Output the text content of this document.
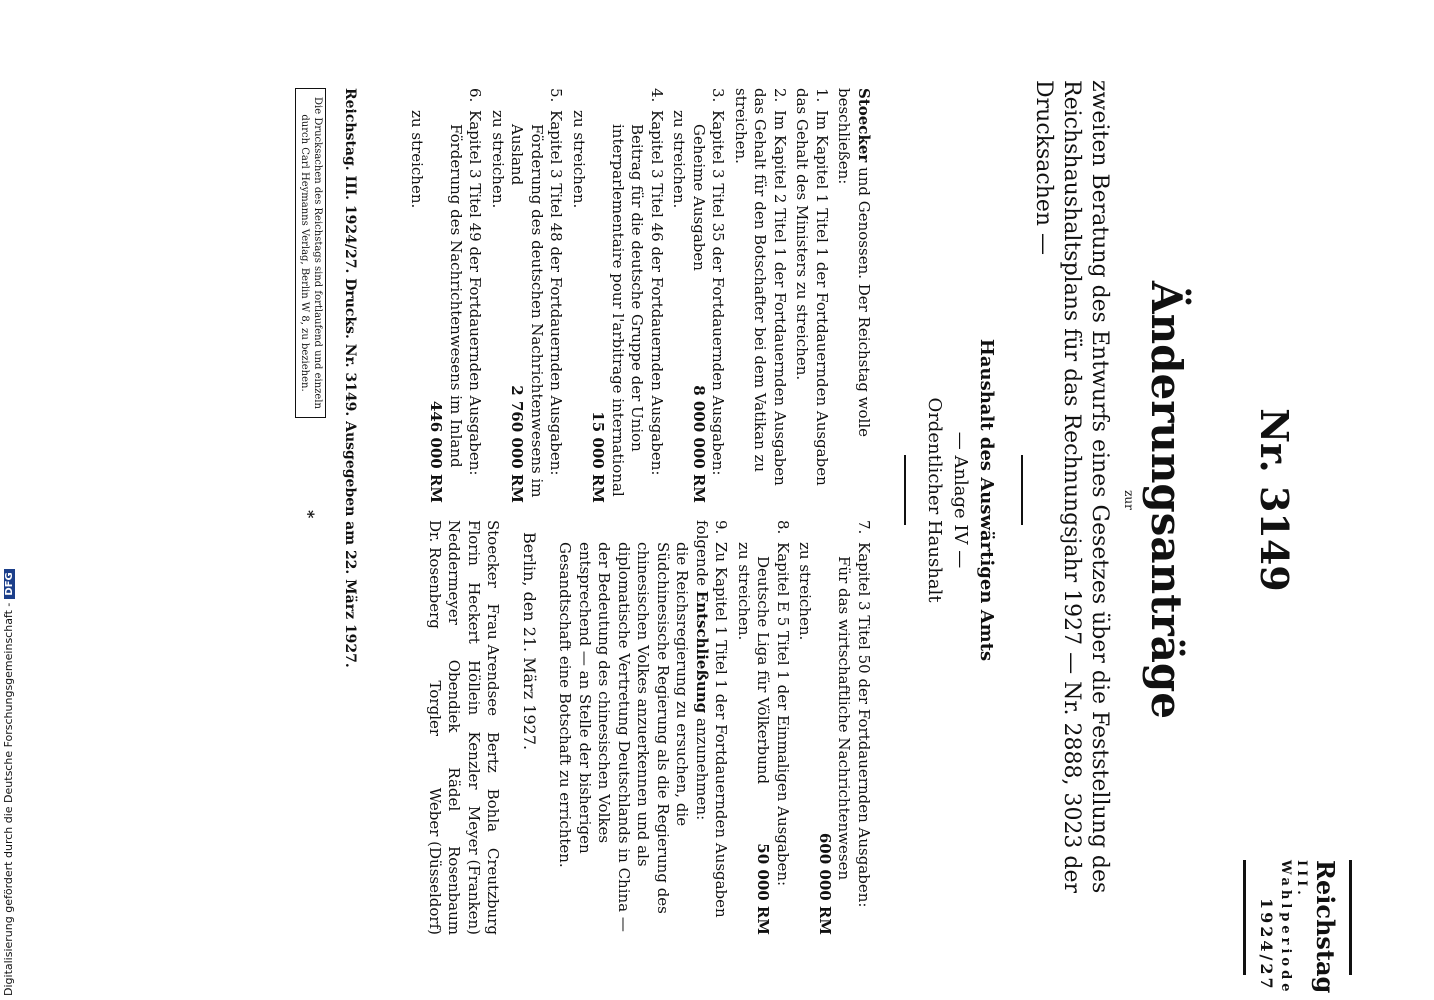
Reichstag
III. Wahlperiode
1924/27
Nr. 3149
Änderungsanträge
zur
zweiten Beratung des Entwurfs eines Gesetzes über die Feststellung des Reichshaushaltsplans für das Rechnungsjahr 1927 — Nr. 2888, 3023 der Drucksachen —
Haushalt des Auswärtigen Amts
— Anlage IV —
Ordentlicher Haushalt
Stoecker und Genossen. Der Reichstag wolle beschließen:
1.Im Kapitel 1 Titel 1 der Fortdauernden Ausgaben das Gehalt des Ministers zu streichen.
2.Im Kapitel 2 Titel 1 der Fortdauernden Ausgaben das Gehalt für den Botschafter bei dem Vatikan zu streichen.
3.Kapitel 3 Titel 35 der Fortdauernden Ausgaben:
Geheime Ausgaben
8 000 000 RM
zu streichen.
4.Kapitel 3 Titel 46 der Fortdauernden Ausgaben:
Beitrag für die deutsche Gruppe der Union interparlementaire pour l'arbitrage international
15 000 RM
zu streichen.
5.Kapitel 3 Titel 48 der Fortdauernden Ausgaben:
Förderung des deutschen Nachrichtenwesens im Ausland
2 760 000 RM
zu streichen.
6.Kapitel 3 Titel 49 der Fortdauernden Ausgaben:
Förderung des Nachrichtenwesens im Inland
446 000 RM
zu streichen.
7.Kapitel 3 Titel 50 der Fortdauernden Ausgaben:
Für das wirtschaftliche Nachrichtenwesen
600 000 RM
zu streichen.
8.Kapitel E 5 Titel 1 der Einmaligen Ausgaben:
Deutsche Liga für Völkerbund
50 000 RM
zu streichen.
9.Zu Kapitel 1 Titel 1 der Fortdauernden Ausgaben folgende Entschließung anzunehmen:
die Reichsregierung zu ersuchen, die Südchinesische Regierung als die Regierung des chinesischen Volkes anzuerkennen und als diplomatische Vertretung Deutschlands in China — der Bedeutung des chinesischen Volkes entsprechend — an Stelle der bisherigen Gesandtschaft eine Botschaft zu errichten.
Berlin, den 21. März 1927.
Stoecker
Frau Arendsee
Bertz
Bohla
Creutzburg
Florin
Heckert
Höllein
Kenzler
Meyer (Franken)
Neddermeyer
Obendiek
Rädel
Rosenbaum
Dr. Rosenberg
Torgler
Weber (Düsseldorf)
Reichstag. III. 1924/27. Drucks. Nr. 3149. Ausgegeben am 22. März 1927.
Die Drucksachen des Reichstags sind fortlaufend und einzeln durch Carl Heymanns Verlag, Berlin W 8, zu beziehen.
*
Digitalisierung gefördert durch die Deutsche Forschungsgemeinschaft -DFG
